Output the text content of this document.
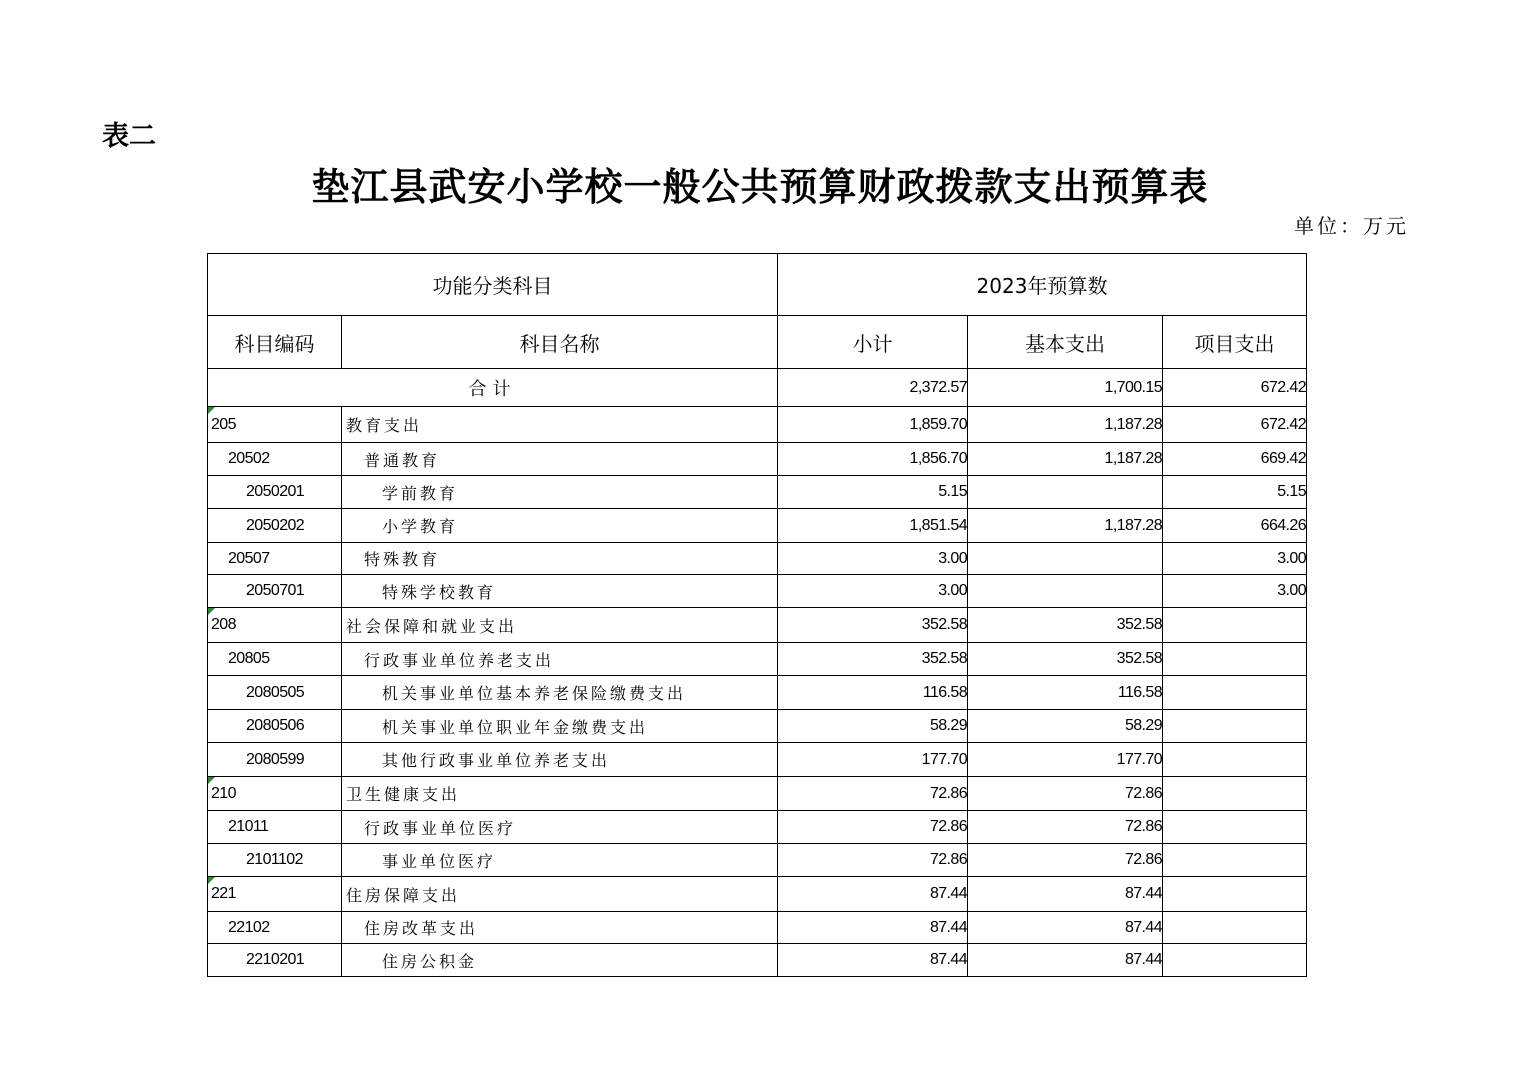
表二
垫江县武安小学校一般公共预算财政拨款支出预算表
单位：万元
功能分类科目		2023年预算数		
科目编码	科目名称	小计	基本支出	项目支出
合计		2,372.57	1,700.15	672.42

205	教育支出	1,859.70	1,187.28	672.42
20502	普通教育	1,856.70	1,187.28	669.42
2050201	学前教育	5.15		5.15
2050202	小学教育	1,851.54	1,187.28	664.26
20507	特殊教育	3.00		3.00
2050701	特殊学校教育	3.00		3.00

208	社会保障和就业支出	352.58	352.58	
20805	行政事业单位养老支出	352.58	352.58	
2080505	机关事业单位基本养老保险缴费支出	116.58	116.58	
2080506	机关事业单位职业年金缴费支出	58.29	58.29	
2080599	其他行政事业单位养老支出	177.70	177.70	

210	卫生健康支出	72.86	72.86	
21011	行政事业单位医疗	72.86	72.86	
2101102	事业单位医疗	72.86	72.86	

221	住房保障支出	87.44	87.44	
22102	住房改革支出	87.44	87.44	
2210201	住房公积金	87.44	87.44	
